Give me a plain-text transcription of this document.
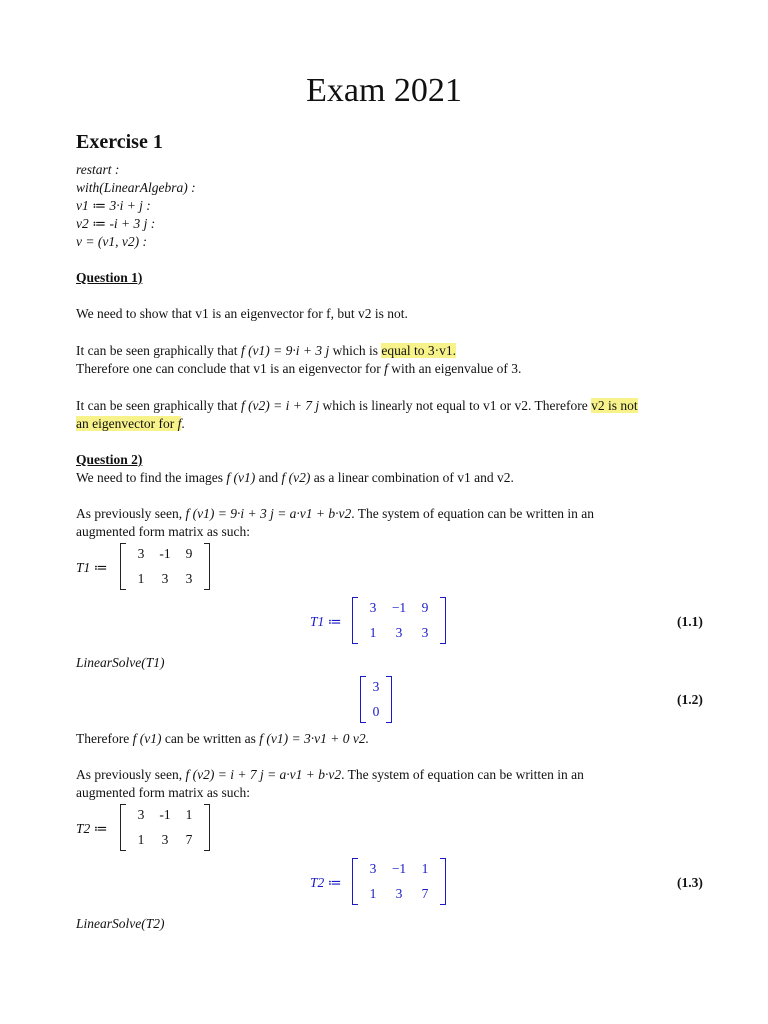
Exam 2021
Exercise 1
restart :
with(LinearAlgebra) :
v1 ≔ 3·i + j :
v2 ≔ -i + 3 j :
v = (v1, v2) :
Question 1)
We need to show that v1 is an eigenvector for f, but v2 is not.
It can be seen graphically that f (v1) = 9·i + 3 j which is equal to 3·v1.
Therefore one can conclude that v1 is an eigenvector for f with an eigenvalue of 3.
It can be seen graphically that f (v2) = i + 7 j which is linearly not equal to v1 or v2. Therefore v2 is not
an eigenvector for f.
Question 2)
We need to find the images f (v1) and f (v2) as a linear combination of v1 and v2.
As previously seen, f (v1) = 9·i + 3 j = a·v1 + b·v2. The system of equation can be written in an
augmented form matrix as such:
T1 ≔
3	-1	9
1	3	3
T1 ≔
3	−1	9
1	3	3
(1.1)
LinearSolve(T1)
3
0
(1.2)
Therefore f (v1) can be written as f (v1) = 3·v1 + 0 v2.
As previously seen, f (v2) = i + 7 j = a·v1 + b·v2. The system of equation can be written in an
augmented form matrix as such:
T2 ≔
3	-1	1
1	3	7
T2 ≔
3	−1	1
1	3	7
(1.3)
LinearSolve(T2)
